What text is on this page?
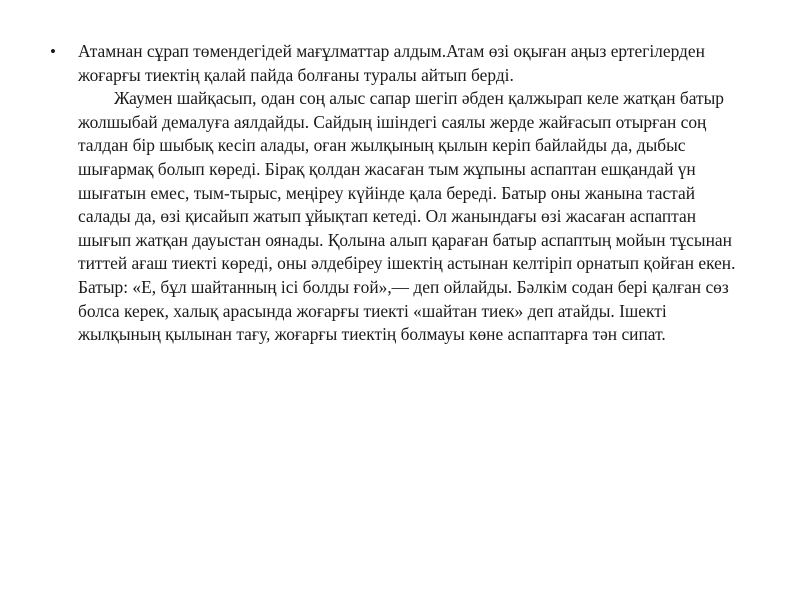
•	Атамнан сұрап төмендегідей мағұлматтар алдым.Атам өзі оқыған аңыз ертегілерден жоғарғы тиектің қалай пайда болғаны туралы айтып берді.

Жаумен шайқасып, одан соң алыс сапар шегіп әбден қалжырап келе жатқан батыр жолшыбай демалуға аялдайды. Сайдың ішіндегі саялы жерде жайғасып отырған соң талдан бір шыбық кесіп алады, оған жылқының қылын керіп байлайды да, дыбыс шығармақ болып көреді. Бірақ қолдан жасаған тым жұпыны аспаптан ешқандай үн шығатын емес, тым-тырыс, меңіреу күйінде қала береді. Батыр оны жанына тастай салады да, өзі қисайып жатып ұйықтап кетеді. Ол жанындағы өзі жасаған аспаптан шығып жатқан дауыстан оянады. Қолына алып қараған батыр аспаптың мойын тұсынан титтей ағаш тиекті көреді, оны әлдебіреу ішектің астынан келтіріп орнатып қойған екен. Батыр: «Е, бұл шайтанның ісі болды ғой»,— деп ойлайды. Бәлкім содан бері қалған сөз болса керек, халық арасында жоғарғы тиекті «шайтан тиек» деп атайды. Ішекті жылқының қылынан тағу, жоғарғы тиектің болмауы көне аспаптарға тән сипат.
